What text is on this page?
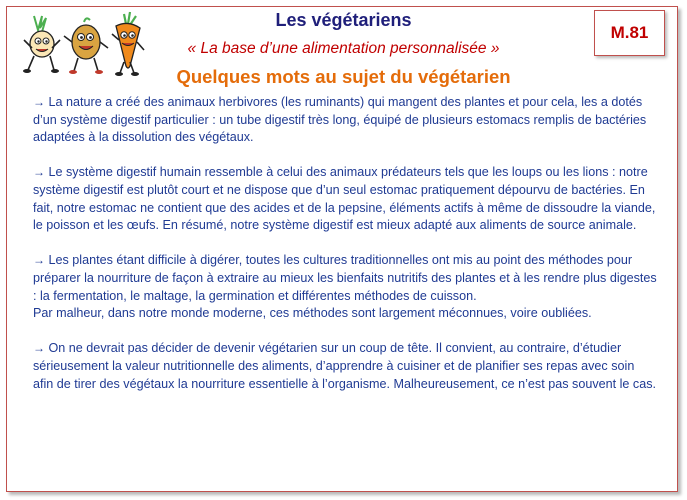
Les végétariens
« La base d’une alimentation personnalisée »
Quelques mots au sujet du végétarien
M.81

→ La nature a créé des animaux herbivores (les ruminants) qui mangent des plantes et pour cela, les a dotés d’un système digestif particulier : un tube digestif très long, équipé de plusieurs estomacs remplis de bactéries adaptées à la dissolution des végétaux.

→ Le système digestif humain ressemble à celui des animaux prédateurs tels que les loups ou les lions : notre système digestif est plutôt court et ne dispose que d’un seul estomac pratiquement dépourvu de bactéries. En fait, notre estomac ne contient que des acides et de la pepsine, éléments actifs à même de dissoudre la viande, le poisson et les œufs. En résumé, notre système digestif est mieux adapté aux aliments de source animale.

→ Les plantes étant difficile à digérer, toutes les cultures traditionnelles ont mis au point des méthodes pour préparer la nourriture de façon à extraire au mieux les bienfaits nutritifs des plantes et à les rendre plus digestes : la fermentation, le maltage, la germination et différentes méthodes de cuisson.

Par malheur, dans notre monde moderne, ces méthodes sont largement méconnues, voire oubliées.

→ On ne devrait pas décider de devenir végétarien sur un coup de tête. Il convient, au contraire, d’étudier sérieusement la valeur nutritionnelle des aliments, d’apprendre à cuisiner et de planifier ses repas avec soin afin de tirer des végétaux la nourriture essentielle à l’organisme. Malheureusement, ce n’est pas souvent le cas.
